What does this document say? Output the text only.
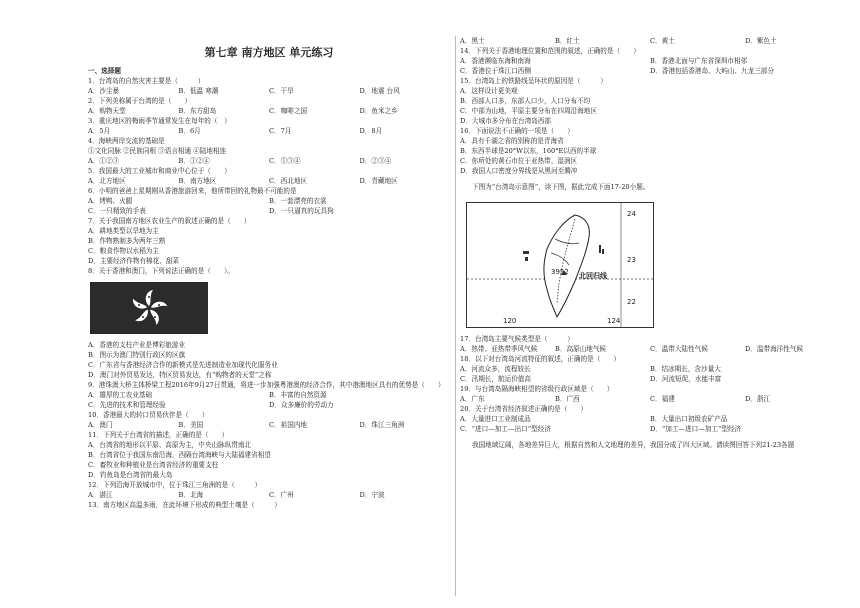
第七章 南方地区 单元练习
一、选择题
1．台湾岛的自然灾害主要是（　　　）
A．沙尘暴	B．低温 寒潮	C．干旱	D．地震 台风
2．下列美称属于台湾的是（　　）
A．购物天堂	B．东方甜岛	C．咖啡之国	D．鱼米之乡
3．重庆地区的梅雨季节通常发生在每年的（　）
A．5月	B．6月	C．7月	D．8月
4．海峡两岸交流的基础是
①文化同脉 ②民族同根 ③语言相通 ④陆地相连
A．①②③	B．①②④	C．①③④	D．②③④
5．我国最大的工业城市和商业中心位于（　　）
A．北方地区	B．南方地区	C．西北地区	D．青藏地区
6．小明的爸爸上星期刚从香港旅游回来，他所带回的礼物最不可能的是
A．烤鸭、火腿	B．一套漂亮的衣裳
C．一只精致的手表	D．一只逼真的玩具狗
7．关于我国南方地区农业生产的叙述正确的是（　　）
A．耕地类型以旱地为主
B．作物熟制多为两年三熟
C．粮食作物以水稻为主
D．主要经济作物有棉花、甜菜
8．关于香港和澳门，下列说法正确的是（　　）。
A．香港的支柱产业是博彩旅游业
B．图示为澳门特别行政区的区旗
C．广东省与香港经济合作的新模式是先进制造业加现代化服务业
D．澳门对外贸易发达，特区贸易发达，有“购物者的天堂”之称
9．港珠澳大桥主体桥梁工程2016年9月27日贯通，将进一步加强粤港澳的经济合作，其中港澳地区具有的优势是（　　）
A．雄厚的工农业基础	B．丰富的自然资源
C．先进的技术和管理经验	D．众多廉价的劳动力
10．香港最大的转口贸易伙伴是（　　）
A．澳门	B．美国	C．祖国内地	D．珠江三角洲
11．下列关于台湾省的描述，正确的是（　　）
A．台湾省的地形以平原、高原为主，中央山脉纵贯南北
B．台湾省位于我国东南沿海，西隔台湾海峡与大陆福建省相望
C．畜牧业和种植业是台湾省经济的重要支柱
D．钓鱼岛是台湾省的最大岛
12．下列沿海开放城市中，位于珠江三角洲的是（　　　）
A．湛江	B．北海	C．广州	D．宁波
13．南方地区高温多雨，在此环境下形成的典型土壤是（　　　）
A．黑土	B．红土	C．黄土	D．紫色土
14．下列关于香港地理位置和范围的叙述，正确的是（　　）
A．香港濒临东海和南海	B．香港北面与广东省深圳市相邻
C．香港位于珠江口西侧	D．香港包括香港岛、大屿山、九龙三部分
15．台湾岛上的铁路线呈环状的原因是（　　　）
A．这样设计更美观
B．西部人口多，东部人口少，人口分布不均
C．中部为山地，平原主要分布在四周沿海地区
D．大城市多分布在台湾岛西部
16．下面说法不正确的一项是（　　）
A．具有千湖之省的别称的是青海省
B．东西半球是20°W以东，160°E以西的半球
C．你所处的黄石市位于亚热带、湿润区
D．我国人口密度分界线是从黑河至腾冲
下图为“台湾岛示意图”，读下图，据此完成下面17-20小题。
24
23
22
120	124
3952 北回归线
17．台湾岛主要气候类型是（　　　）
A．热带、亚热带季风气候	B．高原山地气候	C．温带大陆性气候	D．温带海洋性气候
18．以下对台湾岛河流特征的叙述，正确的是（　　）
A．河流众多，流程较长	B．结冰期长，含沙量大
C．汛期长，航运价值高	D．河流短促，水能丰富
19．与台湾岛隔海峡相望的省级行政区域是（　　）
A．广东	B．广西	C．福建	D．浙江
20．关于台湾省经济叙述正确的是（　　）
A．大量进口工业制成品	B．大量出口初级农矿产品
C．“进口—加工—出口”型经济	D．“加工—进口—加工”型经济
我国地域辽阔，各地差异巨大，根据自然和人文地理的差异，我国分成了四大区域。请读图回答下列21-23各题
